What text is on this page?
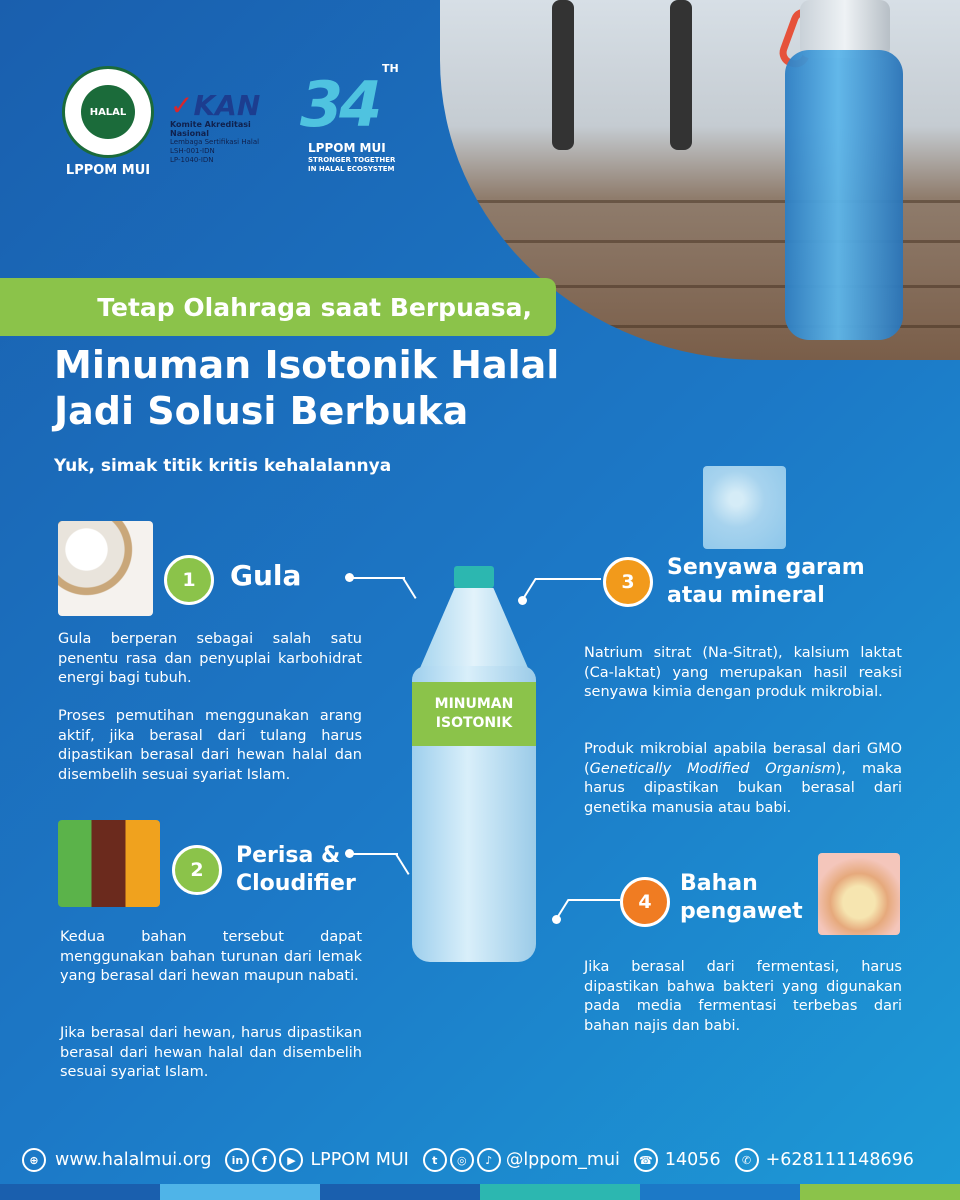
HALAL
LPPOM MUI
✓KAN
Komite Akreditasi Nasional
Lembaga Sertifikasi Halal
LSH-001-IDN
LP-1040-IDN
TH
34
LPPOM MUI
STRONGER TOGETHER
IN HALAL ECOSYSTEM
Tetap Olahraga saat Berpuasa,
Minuman Isotonik Halal
Jadi Solusi Berbuka
Yuk, simak titik kritis kehalalannya
MINUMAN
ISOTONIK
1	Gula
Gula berperan sebagai salah satu penentu rasa dan penyuplai karbohidrat energi bagi tubuh.
Proses pemutihan menggunakan arang aktif, jika berasal dari tulang harus dipastikan berasal dari hewan halal dan disembelih sesuai syariat Islam.
2
Perisa &
Cloudifier
Kedua bahan tersebut dapat menggunakan bahan turunan dari lemak yang berasal dari hewan maupun nabati.
Jika berasal dari hewan, harus dipastikan berasal dari hewan halal dan disembelih sesuai syariat Islam.
3
Senyawa garam
atau mineral
Natrium sitrat (Na-Sitrat), kalsium laktat (Ca-laktat) yang merupakan hasil reaksi senyawa kimia dengan produk mikrobial.
Produk mikrobial apabila berasal dari GMO (Genetically Modified Organism), maka harus dipastikan bukan berasal dari genetika manusia atau babi.
4
Bahan
pengawet
Jika berasal dari fermentasi, harus dipastikan bahwa bakteri yang digunakan pada media fermentasi terbebas dari bahan najis dan babi.
⊕ www.halalmui.org	in	f	▶ LPPOM MUI	t	◎	♪ @lppom_mui	☎ 14056	✆ +628111148696
